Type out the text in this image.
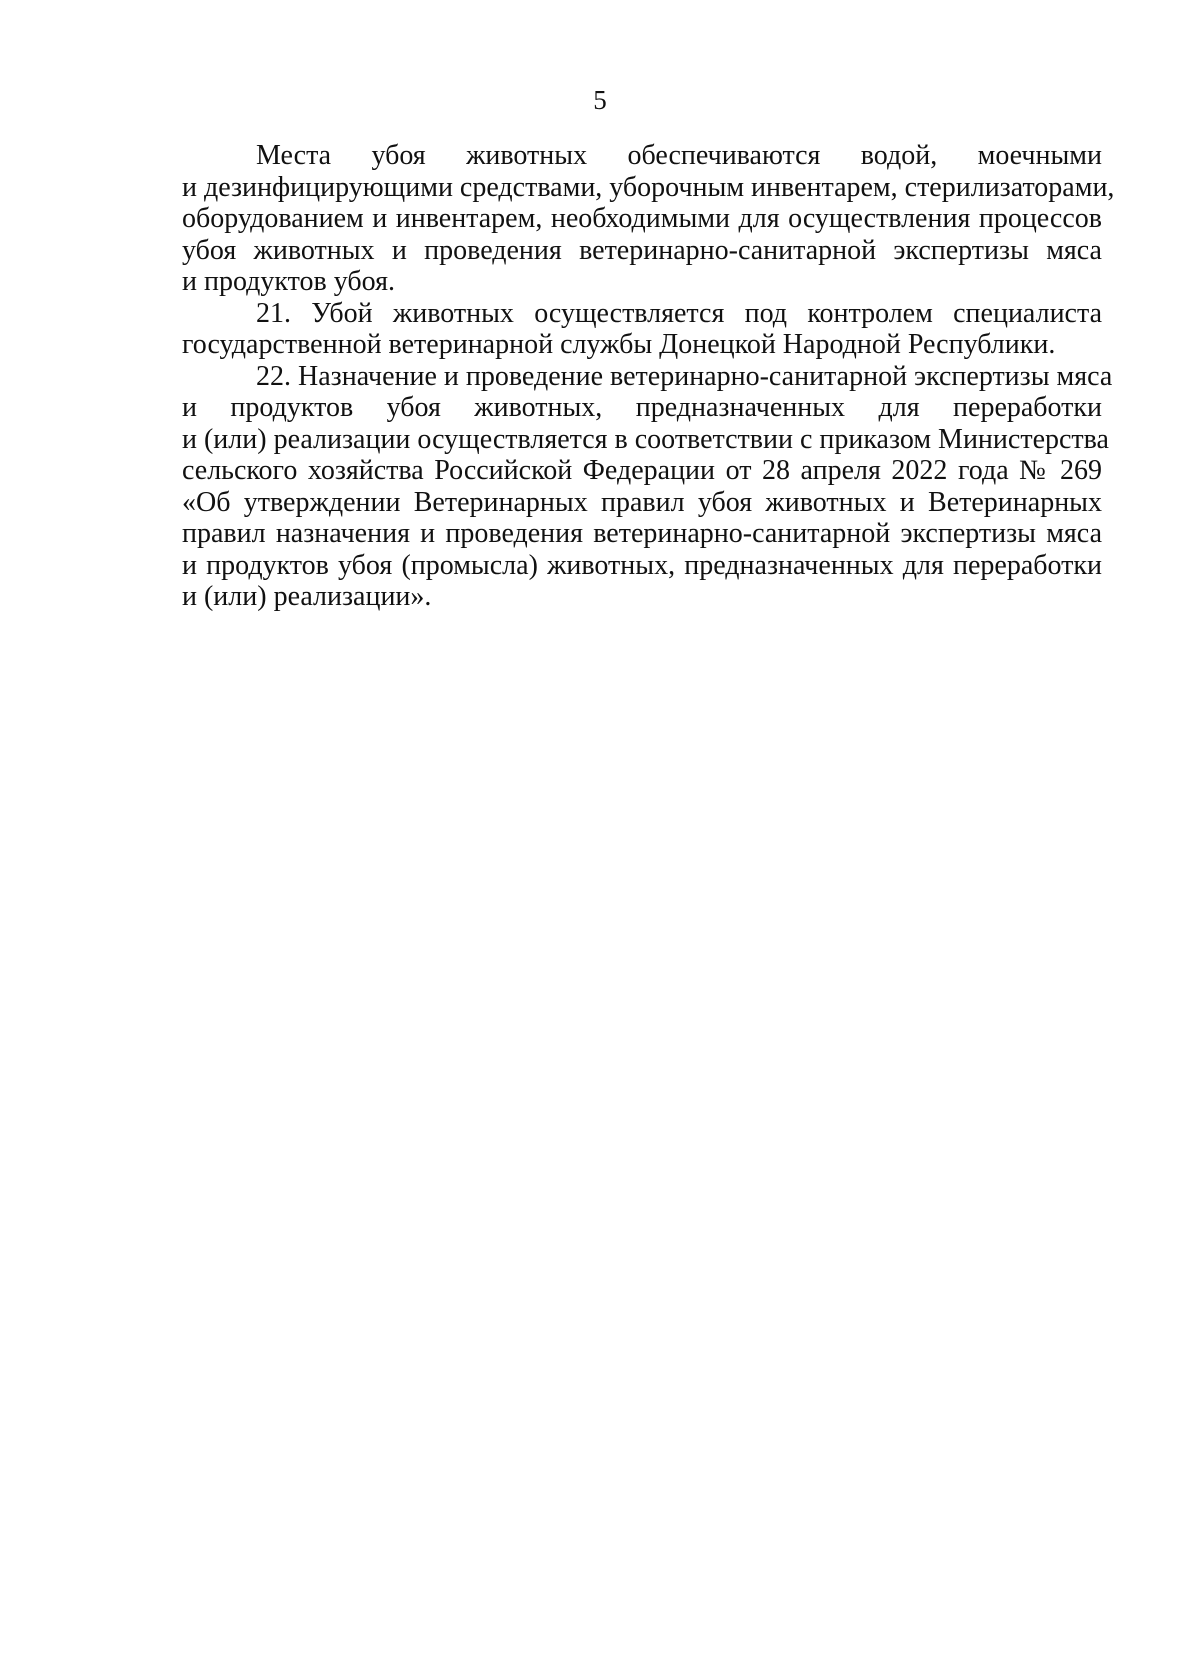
5

Места убоя животных обеспечиваются водой, моечными
и дезинфицирующими средствами, уборочным инвентарем, стерилизаторами,
оборудованием и инвентарем, необходимыми для осуществления процессов
убоя животных и проведения ветеринарно-санитарной экспертизы мяса
и продуктов убоя.

21. Убой животных осуществляется под контролем специалиста
государственной ветеринарной службы Донецкой Народной Республики.

22. Назначение и проведение ветеринарно-санитарной экспертизы мяса
и продуктов убоя животных, предназначенных для переработки
и (или) реализации осуществляется в соответствии с приказом Министерства
сельского хозяйства Российской Федерации от 28 апреля 2022 года № 269
«Об утверждении Ветеринарных правил убоя животных и Ветеринарных
правил назначения и проведения ветеринарно-санитарной экспертизы мяса
и продуктов убоя (промысла) животных, предназначенных для переработки
и (или) реализации».
